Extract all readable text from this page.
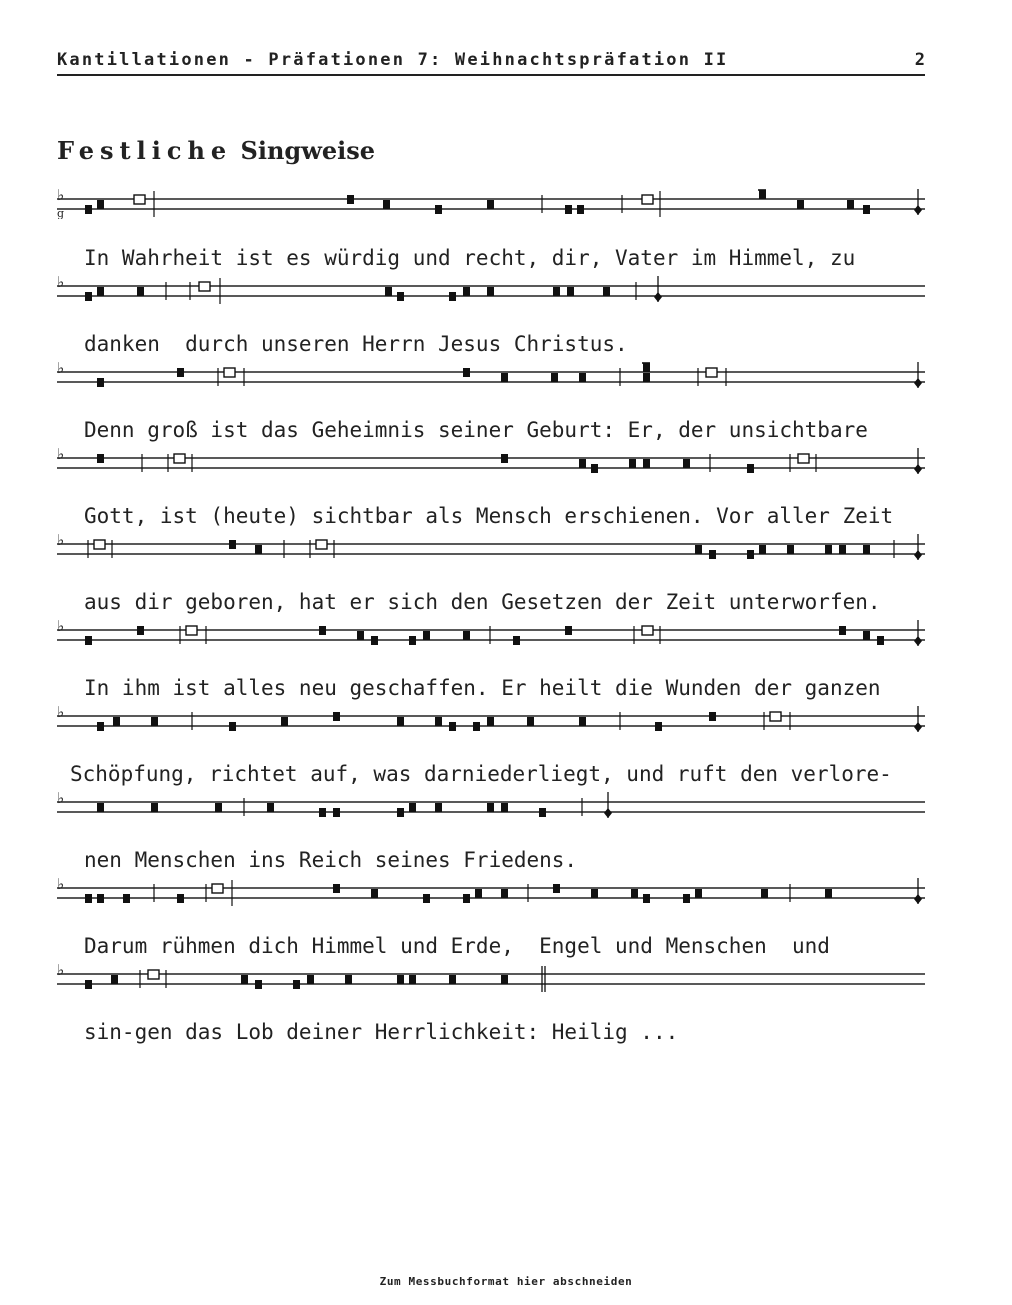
Kantillationen - Präfationen 7: Weihnachtspräfation II	2
Festliche Singweise
♭
g
♭
♭
♭
♭
♭
♭
♭
♭
♭
In Wahrheit ist es würdig und recht, dir, Vater im Himmel, zu
danken  durch unseren Herrn Jesus Christus.
Denn groß ist das Geheimnis seiner Geburt: Er, der unsichtbare
Gott, ist (heute) sichtbar als Mensch erschienen. Vor aller Zeit
aus dir geboren, hat er sich den Gesetzen der Zeit unterworfen.
In ihm ist alles neu geschaffen. Er heilt die Wunden der ganzen
Schöpfung, richtet auf, was darniederliegt, und ruft den verlore-
nen Menschen ins Reich seines Friedens.
Darum rühmen dich Himmel und Erde,  Engel und Menschen  und
sin-gen das Lob deiner Herrlichkeit: Heilig ...
Zum Messbuchformat hier abschneiden
